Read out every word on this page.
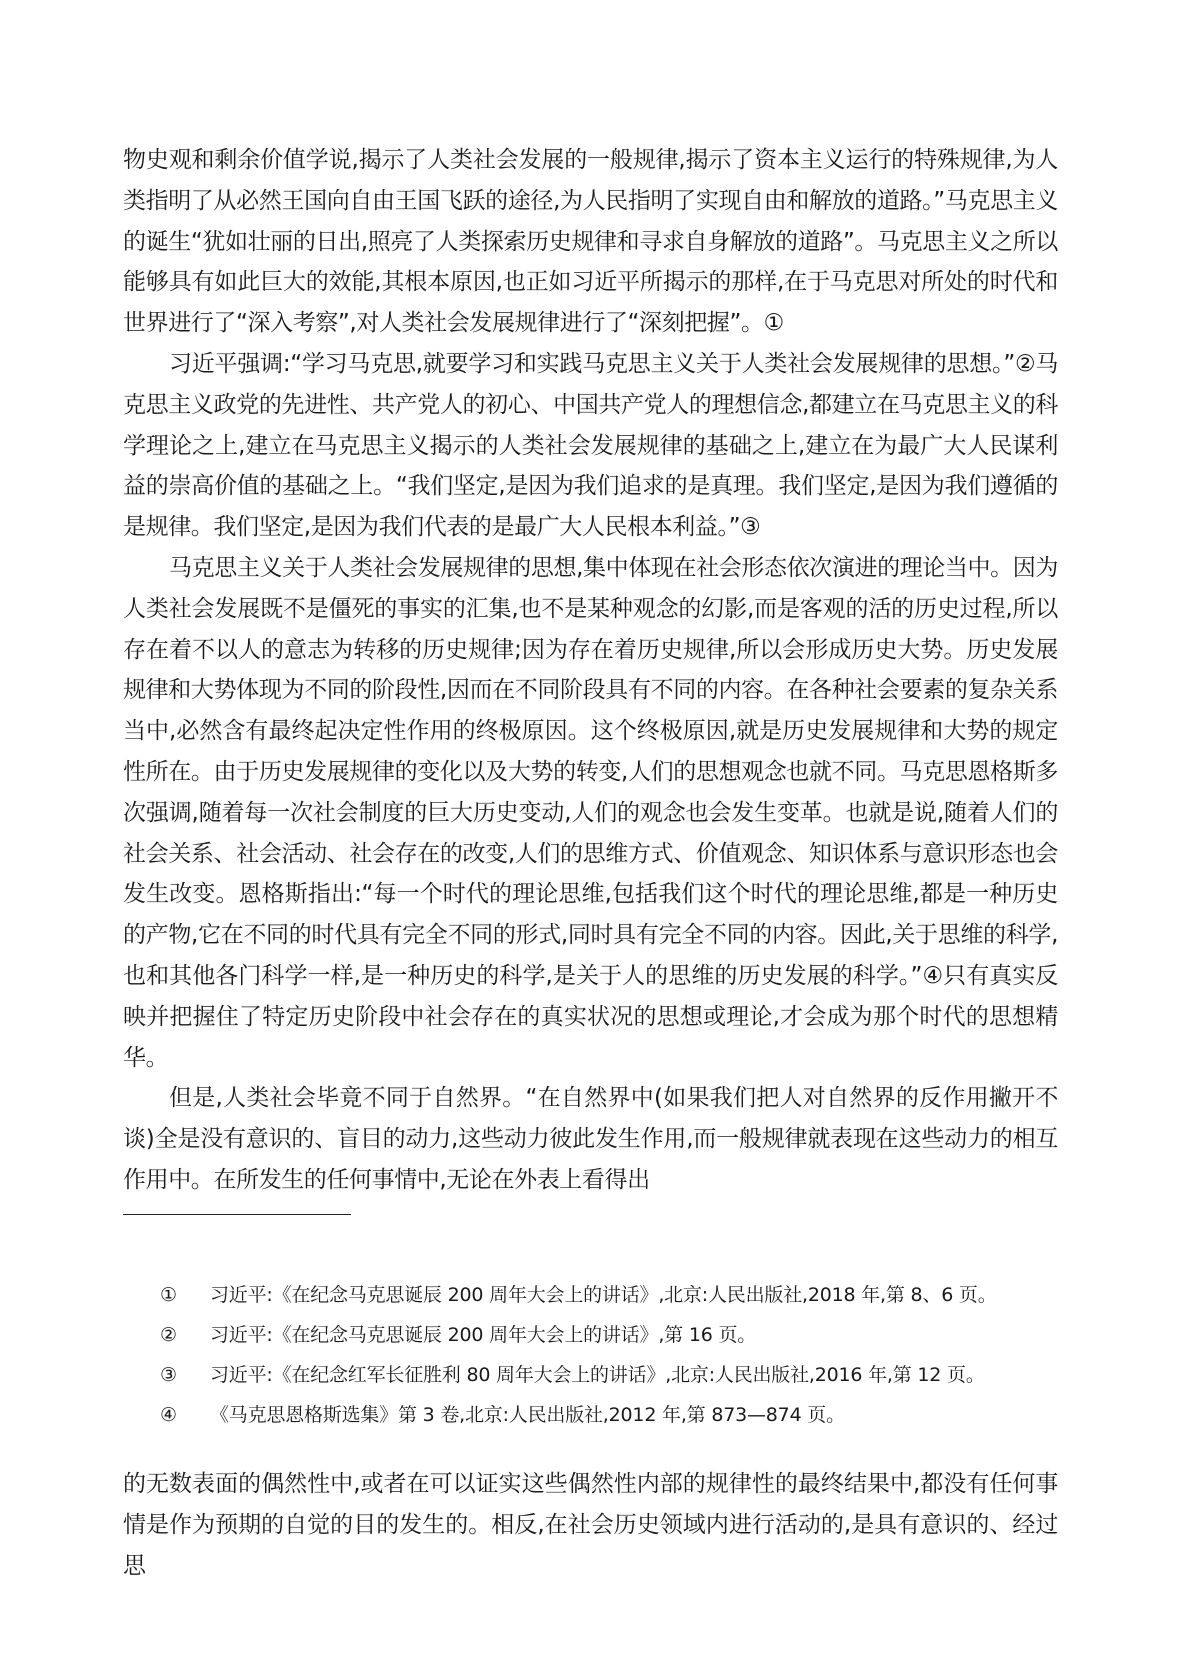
物史观和剩余价值学说,揭示了人类社会发展的一般规律,揭示了资本主义运行的特殊规律,为人类指明了从必然王国向自由王国飞跃的途径,为人民指明了实现自由和解放的道路。”马克思主义的诞生“犹如壮丽的日出,照亮了人类探索历史规律和寻求自身解放的道路”。马克思主义之所以能够具有如此巨大的效能,其根本原因,也正如习近平所揭示的那样,在于马克思对所处的时代和世界进行了“深入考察”,对人类社会发展规律进行了“深刻把握”。①

习近平强调:“学习马克思,就要学习和实践马克思主义关于人类社会发展规律的思想。”②马克思主义政党的先进性、共产党人的初心、中国共产党人的理想信念,都建立在马克思主义的科学理论之上,建立在马克思主义揭示的人类社会发展规律的基础之上,建立在为最广大人民谋利益的崇高价值的基础之上。“我们坚定,是因为我们追求的是真理。我们坚定,是因为我们遵循的是规律。我们坚定,是因为我们代表的是最广大人民根本利益。”③

马克思主义关于人类社会发展规律的思想,集中体现在社会形态依次演进的理论当中。因为人类社会发展既不是僵死的事实的汇集,也不是某种观念的幻影,而是客观的活的历史过程,所以存在着不以人的意志为转移的历史规律;因为存在着历史规律,所以会形成历史大势。历史发展规律和大势体现为不同的阶段性,因而在不同阶段具有不同的内容。在各种社会要素的复杂关系当中,必然含有最终起决定性作用的终极原因。这个终极原因,就是历史发展规律和大势的规定性所在。由于历史发展规律的变化以及大势的转变,人们的思想观念也就不同。马克思恩格斯多次强调,随着每一次社会制度的巨大历史变动,人们的观念也会发生变革。也就是说,随着人们的社会关系、社会活动、社会存在的改变,人们的思维方式、价值观念、知识体系与意识形态也会发生改变。恩格斯指出:“每一个时代的理论思维,包括我们这个时代的理论思维,都是一种历史的产物,它在不同的时代具有完全不同的形式,同时具有完全不同的内容。因此,关于思维的科学,也和其他各门科学一样,是一种历史的科学,是关于人的思维的历史发展的科学。”④只有真实反映并把握住了特定历史阶段中社会存在的真实状况的思想或理论,才会成为那个时代的思想精华。

但是,人类社会毕竟不同于自然界。“在自然界中(如果我们把人对自然界的反作用撇开不谈)全是没有意识的、盲目的动力,这些动力彼此发生作用,而一般规律就表现在这些动力的相互作用中。在所发生的任何事情中,无论在外表上看得出

①	习近平:《在纪念马克思诞辰 200 周年大会上的讲话》,北京:人民出版社,2018 年,第 8、6 页。
②	习近平:《在纪念马克思诞辰 200 周年大会上的讲话》,第 16 页。
③	习近平:《在纪念红军长征胜利 80 周年大会上的讲话》,北京:人民出版社,2016 年,第 12 页。
④	《马克思恩格斯选集》第 3 卷,北京:人民出版社,2012 年,第 873—874 页。

的无数表面的偶然性中,或者在可以证实这些偶然性内部的规律性的最终结果中,都没有任何事情是作为预期的自觉的目的发生的。相反,在社会历史领域内进行活动的,是具有意识的、经过思
